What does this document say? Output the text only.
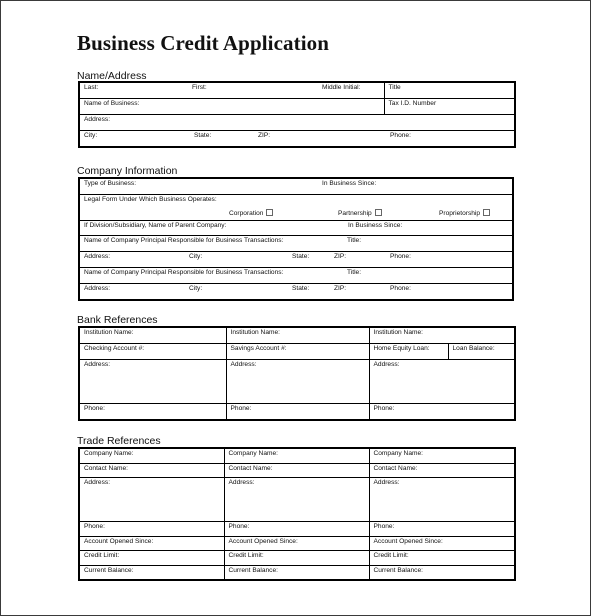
Business Credit Application
Name/Address
Last: First: Middle Initial:	Title
Name of Business:	Tax I.D. Number
Address:	

City: State: ZIP: Phone:	
Company Information
Type of Business:	In Business Since:

Legal Form Under Which Business Operates:
Corporation	Partnership	Proprietorship

If Division/Subsidiary, Name of Parent Company:	In Business Since:

Name of Company Principal Responsible for Business Transactions:	Title:

Address:	City:	State:	ZIP:	Phone:

Name of Company Principal Responsible for Business Transactions:	Title:

Address:	City:	State:	ZIP:	Phone:
Bank References
Institution Name:	Institution Name:	Institution Name:	
Checking Account #:	Savings Account #:	Home Equity Loan:	Loan Balance:
Address:	Address:	Address:	
Phone:	Phone:	Phone:	
Trade References
Company Name:	Company Name:	Company Name:
Contact Name:	Contact Name:	Contact Name:
Address:	Address:	Address:
Phone:	Phone:	Phone:
Account Opened Since:	Account Opened Since:	Account Opened Since:
Credit Limit:	Credit Limit:	Credit Limit:
Current Balance:	Current Balance:	Current Balance:
